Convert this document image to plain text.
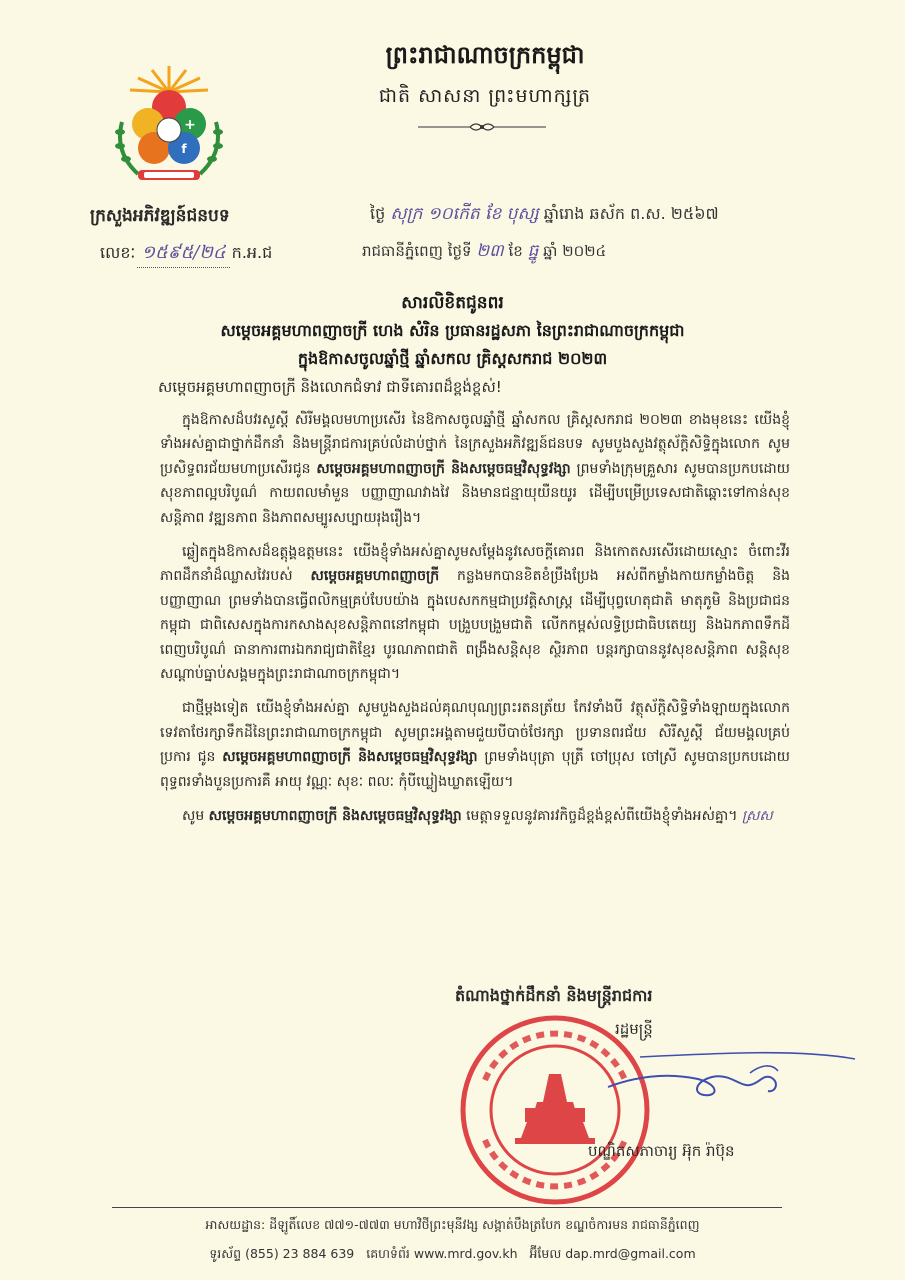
+
f
ព្រះរាជាណាចក្រកម្ពុជា
ជាតិ សាសនា ព្រះមហាក្សត្រ
ក្រសួងអភិវឌ្ឍន៍ជនបទ
លេខៈ ១៥៩៥/២៤ ក.អ.ជ
ថ្ងៃ សុក្រ ១០កើត ខែ បុស្ស ឆ្នាំរោង ឆស័ក ព.ស. ២៥៦៧
រាជធានីភ្នំពេញ ថ្ងៃទី ២៣ ខែ ធ្នូ ឆ្នាំ ២០២៤
សារលិខិតជូនពរ
សម្តេចអគ្គមហាពញាចក្រី ហេង សំរិន ប្រធានរដ្ឋសភា នៃព្រះរាជាណាចក្រកម្ពុជា
ក្នុងឱកាសចូលឆ្នាំថ្មី ឆ្នាំសកល គ្រិស្តសករាជ ២០២៣
សម្តេចអគ្គមហាពញាចក្រី និងលោកជំទាវ ជាទីគោរពដ៏ខ្ពង់ខ្ពស់!

ក្នុងឱកាសដ៏បវរសួស្តី សិរីមង្គលមហាប្រសើរ នៃឱកាសចូលឆ្នាំថ្មី ឆ្នាំសកល គ្រិស្តសករាជ ២០២៣ ខាងមុខនេះ យើងខ្ញុំទាំងអស់គ្នាជាថ្នាក់ដឹកនាំ និងមន្ត្រីរាជការគ្រប់លំដាប់ថ្នាក់ នៃក្រសួងអភិវឌ្ឍន៍ជនបទ សូមបួងសួងវត្ថុស័ក្តិសិទ្ធិក្នុងលោក សូមប្រសិទ្ធពរជ័យមហាប្រសើរជូន សម្តេចអគ្គមហាពញាចក្រី និងសម្តេចធម្មវិសុទ្ធវង្សា ព្រមទាំងក្រុមគ្រួសារ សូមបានប្រកបដោយ សុខភាពល្អបរិបូណ៌ កាយពលមាំមួន បញ្ញាញាណវាងវៃ និងមានជន្មាយុយឺនយូរ ដើម្បីបម្រើប្រទេសជាតិឆ្ពោះទៅកាន់សុខសន្តិភាព វឌ្ឍនភាព និងភាពសម្បូរសប្បាយរុងរឿង។

ឆ្លៀតក្នុងឱកាសដ៏ឧត្តុង្គឧត្តមនេះ យើងខ្ញុំទាំងអស់គ្នាសូមសម្តែងនូវសេចក្តីគោរព និងកោតសរសើរដោយស្មោះ ចំពោះវីរភាពដឹកនាំដ៏ឈ្លាសវៃរបស់ សម្តេចអគ្គមហាពញាចក្រី កន្លងមកបានខិតខំប្រឹងប្រែង អស់ពីកម្លាំងកាយកម្លាំងចិត្ត និងបញ្ញាញាណ ព្រមទាំងបានធ្វើពលិកម្មគ្រប់បែបយ៉ាង ក្នុងបេសកកម្មជាប្រវត្តិសាស្ត្រ ដើម្បីបុព្វហេតុជាតិ មាតុភូមិ និងប្រជាជនកម្ពុជា ជាពិសេសក្នុងការកសាងសុខសន្តិភាពនៅកម្ពុជា បង្រួបបង្រួមជាតិ លើកកម្ពស់លទ្ធិប្រជាធិបតេយ្យ និងឯកភាពទឹកដី ពេញបរិបូណ៌ ធានាការពារឯករាជ្យជាតិខ្មែរ បូរណភាពជាតិ ពង្រឹងសន្តិសុខ ស្ថិរភាព បន្តរក្សាបាននូវសុខសន្តិភាព សន្តិសុខ សណ្តាប់ធ្នាប់សង្គមក្នុងព្រះរាជាណាចក្រកម្ពុជា។

ជាថ្មីម្តងទៀត យើងខ្ញុំទាំងអស់គ្នា សូមបួងសួងដល់គុណបុណ្យព្រះរតនត្រ័យ កែវទាំងបី វត្ថុស័ក្តិសិទ្ធិទាំងឡាយក្នុងលោក ទេវតាថែរក្សាទឹកដីនៃព្រះរាជាណាចក្រកម្ពុជា សូមព្រះអង្គតាមជួយបីបាច់ថែរក្សា ប្រទានពរជ័យ សិរីសួស្តី ជ័យមង្គលគ្រប់ប្រការ ជូន សម្តេចអគ្គមហាពញាចក្រី និងសម្តេចធម្មវិសុទ្ធវង្សា ព្រមទាំងបុត្រា បុត្រី ចៅប្រុស ចៅស្រី សូមបានប្រកបដោយពុទ្ធពរទាំងបួនប្រការគឺ អាយុ វណ្ណៈ សុខៈ ពលៈ កុំបីឃ្លៀងឃ្លាតឡើយ។

សូម សម្តេចអគ្គមហាពញាចក្រី និងសម្តេចធម្មវិសុទ្ធវង្សា មេត្តាទទួលនូវគារវកិច្ចដ៏ខ្ពង់ខ្ពស់ពីយើងខ្ញុំទាំងអស់គ្នា។ ស្រស

តំណាងថ្នាក់ដឹកនាំ និងមន្ត្រីរាជការ
រដ្ឋមន្ត្រី
បណ្ឌិតសភាចារ្យ អ៊ុក រ៉ាប៊ុន
អាសយដ្ឋាន: ដីឡូតិ៍លេខ ៧៧១-៧៧៣ មហាវិថីព្រះមុនីវង្ស សង្កាត់បឹងត្របែក ខណ្ឌចំការមន រាជធានីភ្នំពេញ
ទូរស័ព្ទ (855) 23 884 639 គេហទំព័រ www.mrd.gov.kh អ៊ីមែល dap.mrd@gmail.com
